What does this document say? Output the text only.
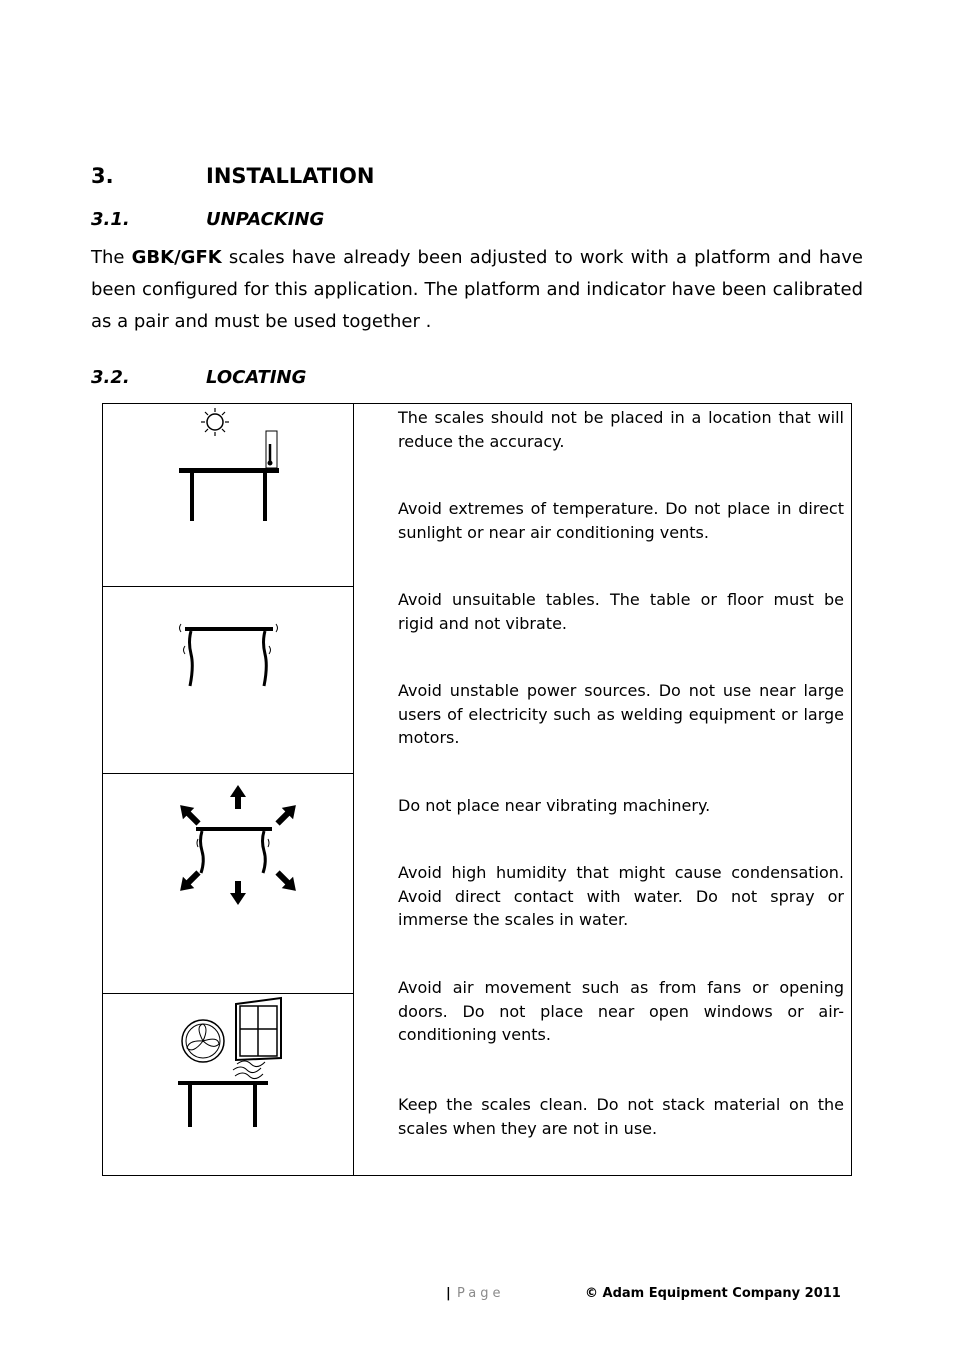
3.	INSTALLATION
3.1.	UNPACKING
The GBK/GFK scales have already been adjusted to work with a platform and have been configured for this application. The platform and indicator have been calibrated as a pair and must be used together .
3.2.	LOCATING
The scales should not be placed in a location that will reduce the accuracy.
Avoid extremes of temperature. Do not place in direct sunlight or near air conditioning vents.
Avoid unsuitable tables. The table or floor must be rigid and not vibrate.
Avoid unstable power sources. Do not use near large users of electricity such as welding equipment or large motors.
Do not place near vibrating machinery.
Avoid high humidity that might cause condensation. Avoid direct contact with water. Do not spray or immerse the scales in water.
Avoid air movement such as from fans or opening doors. Do not place near open windows or air-conditioning vents.
Keep the scales clean. Do not stack material on the scales when they are not in use.
| Page	© Adam Equipment Company 2011
